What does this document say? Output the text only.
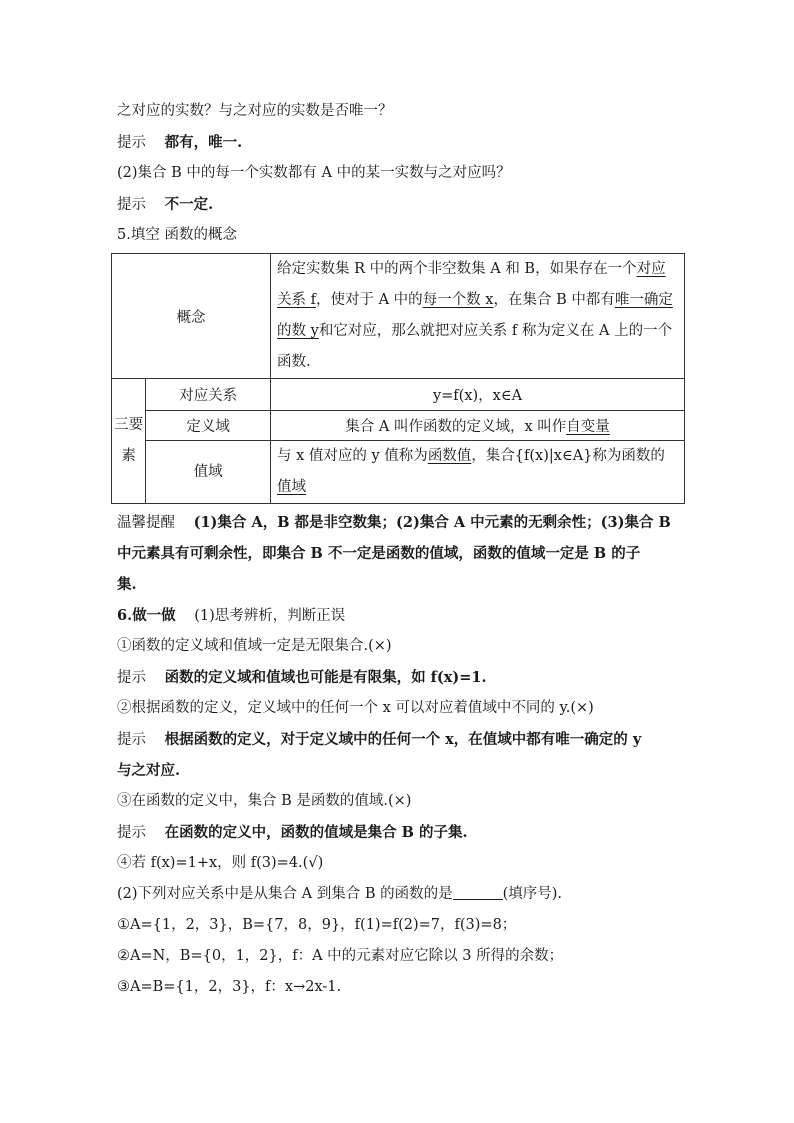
之对应的实数？与之对应的实数是否唯一？
提示 都有，唯一.
(2)集合 B 中的每一个实数都有 A 中的某一实数与之对应吗？
提示 不一定.
5.填空 函数的概念
概念		给定实数集 R 中的两个非空数集 A 和 B，如果存在一个对应关系 f，使对于 A 中的每一个数 x，在集合 B 中都有唯一确定的数 y和它对应，那么就把对应关系 f 称为定义在 A 上的一个函数.
三要素	对应关系	y=f(x)，x∈A
	定义域	集合 A 叫作函数的定义域，x 叫作自变量
	值域	与 x 值对应的 y 值称为函数值，集合{f(x)|x∈A}称为函数的值域
温馨提醒 (1)集合 A，B 都是非空数集；(2)集合 A 中元素的无剩余性；(3)集合 B
中元素具有可剩余性，即集合 B 不一定是函数的值域，函数的值域一定是 B 的子
集.
6.做一做 (1)思考辨析，判断正误
①函数的定义域和值域一定是无限集合.(×)
提示 函数的定义域和值域也可能是有限集，如 f(x)=1.
②根据函数的定义，定义域中的任何一个 x 可以对应着值域中不同的 y.(×)
提示 根据函数的定义，对于定义域中的任何一个 x，在值域中都有唯一确定的 y
与之对应.
③在函数的定义中，集合 B 是函数的值域.(×)
提示 在函数的定义中，函数的值域是集合 B 的子集.
④若 f(x)=1+x，则 f(3)=4.(√)
(2)下列对应关系中是从集合 A 到集合 B 的函数的是	(填序号).
①A={1，2，3}，B={7，8，9}，f(1)=f(2)=7，f(3)=8；
②A=N，B={0，1，2}，f：A 中的元素对应它除以 3 所得的余数；
③A=B={1，2，3}，f：x→2x-1.
